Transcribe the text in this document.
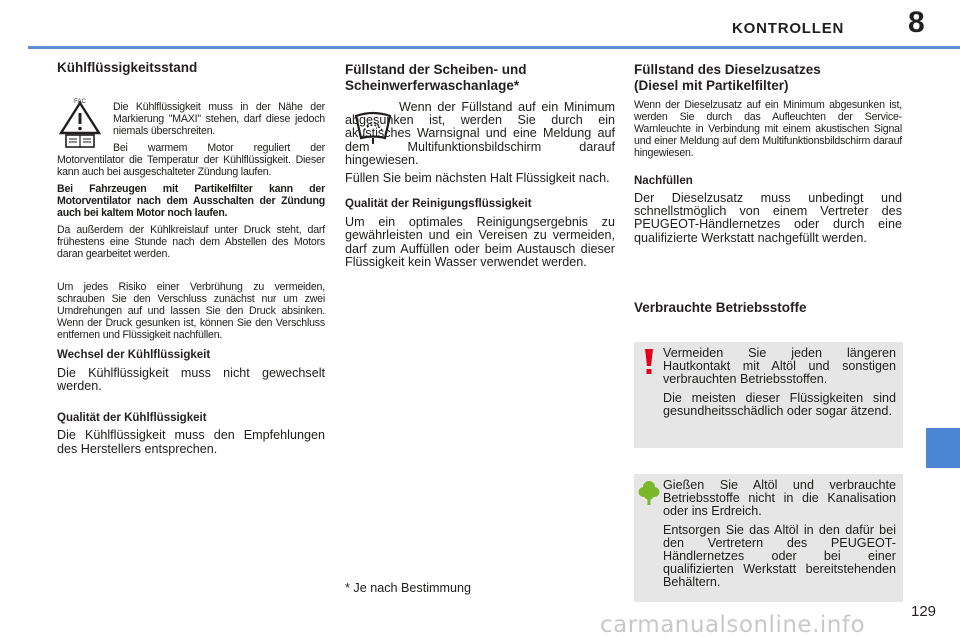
KONTROLLEN 8
Kühlflüssigkeitsstand
FAC	Die Kühlflüssigkeit muss in der Nähe der Markierung "MAXI" stehen, darf diese jedoch niemals überschreiten.

Bei warmem Motor reguliert der Motorventilator die Temperatur der Kühlflüssigkeit. Dieser kann auch bei ausgeschalteter Zündung laufen.

Bei Fahrzeugen mit Partikelfilter kann der Motorventilator nach dem Ausschalten der Zündung auch bei kaltem Motor noch laufen.

Da außerdem der Kühlkreislauf unter Druck steht, darf frühestens eine Stunde nach dem Abstellen des Motors daran gearbeitet werden.

Um jedes Risiko einer Verbrühung zu vermeiden, schrauben Sie den Verschluss zunächst nur um zwei Umdrehungen auf und lassen Sie den Druck absinken. Wenn der Druck gesunken ist, können Sie den Verschluss entfernen und Flüssigkeit nachfüllen.

Wechsel der Kühlflüssigkeit

Die Kühlflüssigkeit muss nicht gewechselt werden.

Qualität der Kühlflüssigkeit

Die Kühlflüssigkeit muss den Empfehlungen des Herstellers entsprechen.

Füllstand der Scheiben- und
Scheinwerferwaschanlage*

Wenn der Füllstand auf ein Minimum abgesunken ist, werden Sie durch ein akustisches Warnsignal und eine Meldung auf dem Multifunktionsbildschirm darauf hingewiesen.

Füllen Sie beim nächsten Halt Flüssigkeit nach.

Qualität der Reinigungsflüssigkeit

Um ein optimales Reinigungsergebnis zu gewährleisten und ein Vereisen zu vermeiden, darf zum Auffüllen oder beim Austausch dieser Flüssigkeit kein Wasser verwendet werden.

* Je nach Bestimmung
Füllstand des Dieselzusatzes
(Diesel mit Partikelfilter)

Wenn der Dieselzusatz auf ein Minimum abgesunken ist, werden Sie durch das Aufleuchten der Service-Warnleuchte in Verbindung mit einem akustischen Signal und einer Meldung auf dem Multifunktionsbildschirm darauf hingewiesen.

Nachfüllen

Der Dieselzusatz muss unbedingt und schnellstmöglich von einem Vertreter des PEUGEOT-Händlernetzes oder durch eine qualifizierte Werkstatt nachgefüllt werden.

Verbrauchte Betriebsstoffe

Vermeiden Sie jeden längeren Hautkontakt mit Altöl und sonstigen verbrauchten Betriebsstoffen.

Die meisten dieser Flüssigkeiten sind gesundheitsschädlich oder sogar ätzend.

Gießen Sie Altöl und verbrauchte Betriebsstoffe nicht in die Kanalisation oder ins Erdreich.

Entsorgen Sie das Altöl in den dafür bei den Vertretern des PEUGEOT-Händlernetzes oder bei einer qualifizierten Werkstatt bereitstehenden Behältern.

129
carmanualsonline.info
